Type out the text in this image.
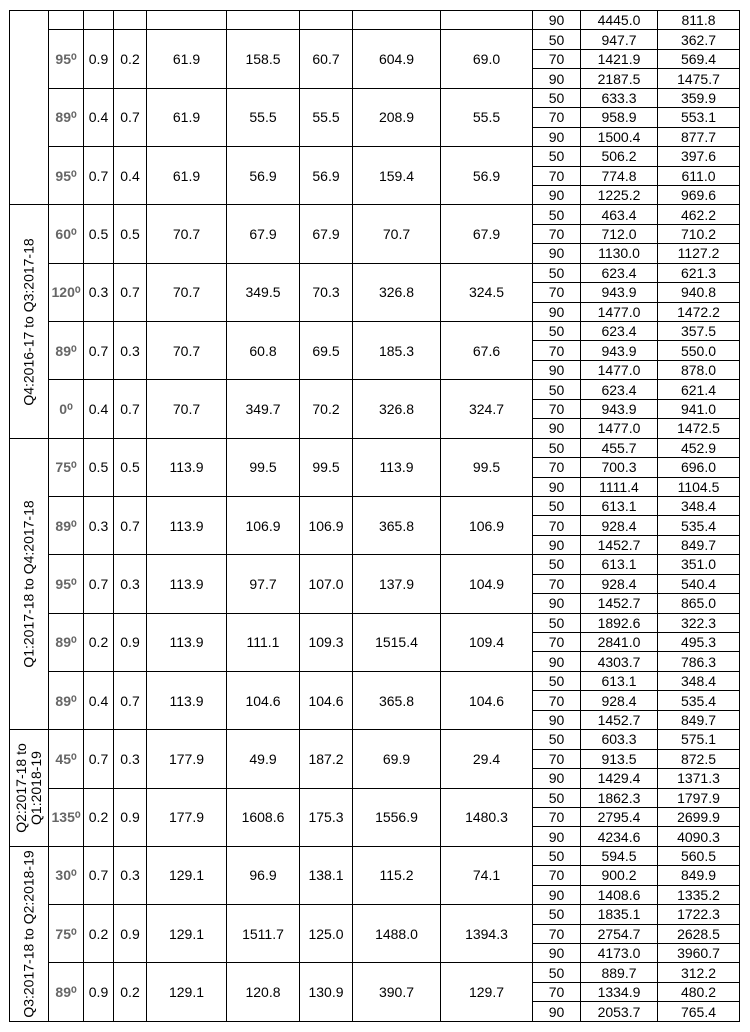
									90	4445.0	811.8
	95⁰	0.9	0.2	61.9	158.5	60.7	604.9	69.0	50	947.7	362.7
									70	1421.9	569.4
									90	2187.5	1475.7
	89⁰	0.4	0.7	61.9	55.5	55.5	208.9	55.5	50	633.3	359.9
									70	958.9	553.1
									90	1500.4	877.7
	95⁰	0.7	0.4	61.9	56.9	56.9	159.4	56.9	50	506.2	397.6
									70	774.8	611.0
									90	1225.2	969.6

Q4:2016-17 to Q3:2017-18	60⁰	0.5	0.5	70.7	67.9	67.9	70.7	67.9	50	463.4	462.2
									70	712.0	710.2
									90	1130.0	1127.2
	120⁰	0.3	0.7	70.7	349.5	70.3	326.8	324.5	50	623.4	621.3
									70	943.9	940.8
									90	1477.0	1472.2
	89⁰	0.7	0.3	70.7	60.8	69.5	185.3	67.6	50	623.4	357.5
									70	943.9	550.0
									90	1477.0	878.0
	0⁰	0.4	0.7	70.7	349.7	70.2	326.8	324.7	50	623.4	621.4
									70	943.9	941.0
									90	1477.0	1472.5

Q1:2017-18 to Q4:2017-18	75⁰	0.5	0.5	113.9	99.5	99.5	113.9	99.5	50	455.7	452.9
									70	700.3	696.0
									90	1111.4	1104.5
	89⁰	0.3	0.7	113.9	106.9	106.9	365.8	106.9	50	613.1	348.4
									70	928.4	535.4
									90	1452.7	849.7
	95⁰	0.7	0.3	113.9	97.7	107.0	137.9	104.9	50	613.1	351.0
									70	928.4	540.4
									90	1452.7	865.0
	89⁰	0.2	0.9	113.9	111.1	109.3	1515.4	109.4	50	1892.6	322.3
									70	2841.0	495.3
									90	4303.7	786.3
	89⁰	0.4	0.7	113.9	104.6	104.6	365.8	104.6	50	613.1	348.4
									70	928.4	535.4
									90	1452.7	849.7

Q2:2017-18 to Q1:2018-19	45⁰	0.7	0.3	177.9	49.9	187.2	69.9	29.4	50	603.3	575.1
									70	913.5	872.5
									90	1429.4	1371.3
	135⁰	0.2	0.9	177.9	1608.6	175.3	1556.9	1480.3	50	1862.3	1797.9
									70	2795.4	2699.9
									90	4234.6	4090.3

Q3:2017-18 to Q2:2018-19	30⁰	0.7	0.3	129.1	96.9	138.1	115.2	74.1	50	594.5	560.5
									70	900.2	849.9
									90	1408.6	1335.2
	75⁰	0.2	0.9	129.1	1511.7	125.0	1488.0	1394.3	50	1835.1	1722.3
									70	2754.7	2628.5
									90	4173.0	3960.7
	89⁰	0.9	0.2	129.1	120.8	130.9	390.7	129.7	50	889.7	312.2
									70	1334.9	480.2
									90	2053.7	765.4
